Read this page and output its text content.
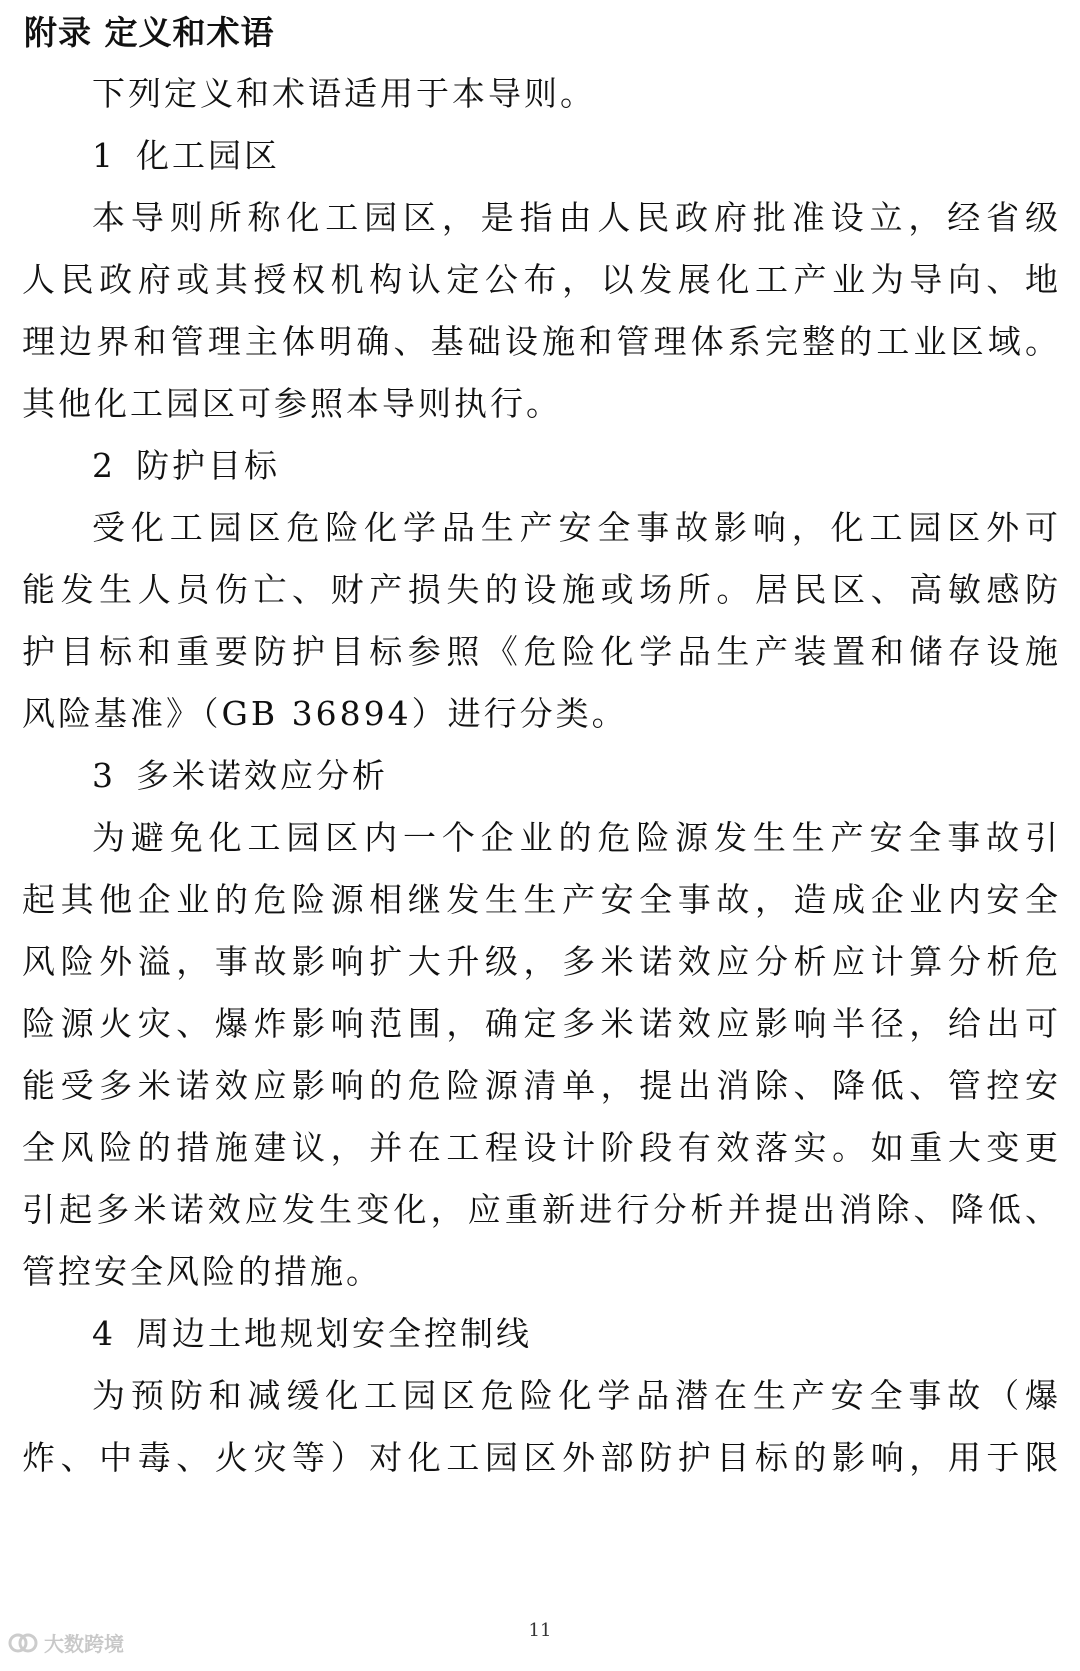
附录 定义和术语
下列定义和术语适用于本导则。
1 化工园区
本导则所称化工园区，是指由人民政府批准设立，经省级
人民政府或其授权机构认定公布，以发展化工产业为导向、地
理边界和管理主体明确、基础设施和管理体系完整的工业区域。
其他化工园区可参照本导则执行。
2 防护目标
受化工园区危险化学品生产安全事故影响，化工园区外可
能发生人员伤亡、财产损失的设施或场所。居民区、高敏感防
护目标和重要防护目标参照《危险化学品生产装置和储存设施
风险基准》（GB 36894）进行分类。
3 多米诺效应分析
为避免化工园区内一个企业的危险源发生生产安全事故引
起其他企业的危险源相继发生生产安全事故，造成企业内安全
风险外溢，事故影响扩大升级，多米诺效应分析应计算分析危
险源火灾、爆炸影响范围，确定多米诺效应影响半径，给出可
能受多米诺效应影响的危险源清单，提出消除、降低、管控安
全风险的措施建议，并在工程设计阶段有效落实。如重大变更
引起多米诺效应发生变化，应重新进行分析并提出消除、降低、
管控安全风险的措施。
4 周边土地规划安全控制线
为预防和减缓化工园区危险化学品潜在生产安全事故（爆
炸、中毒、火灾等）对化工园区外部防护目标的影响，用于限
大数跨境
11
